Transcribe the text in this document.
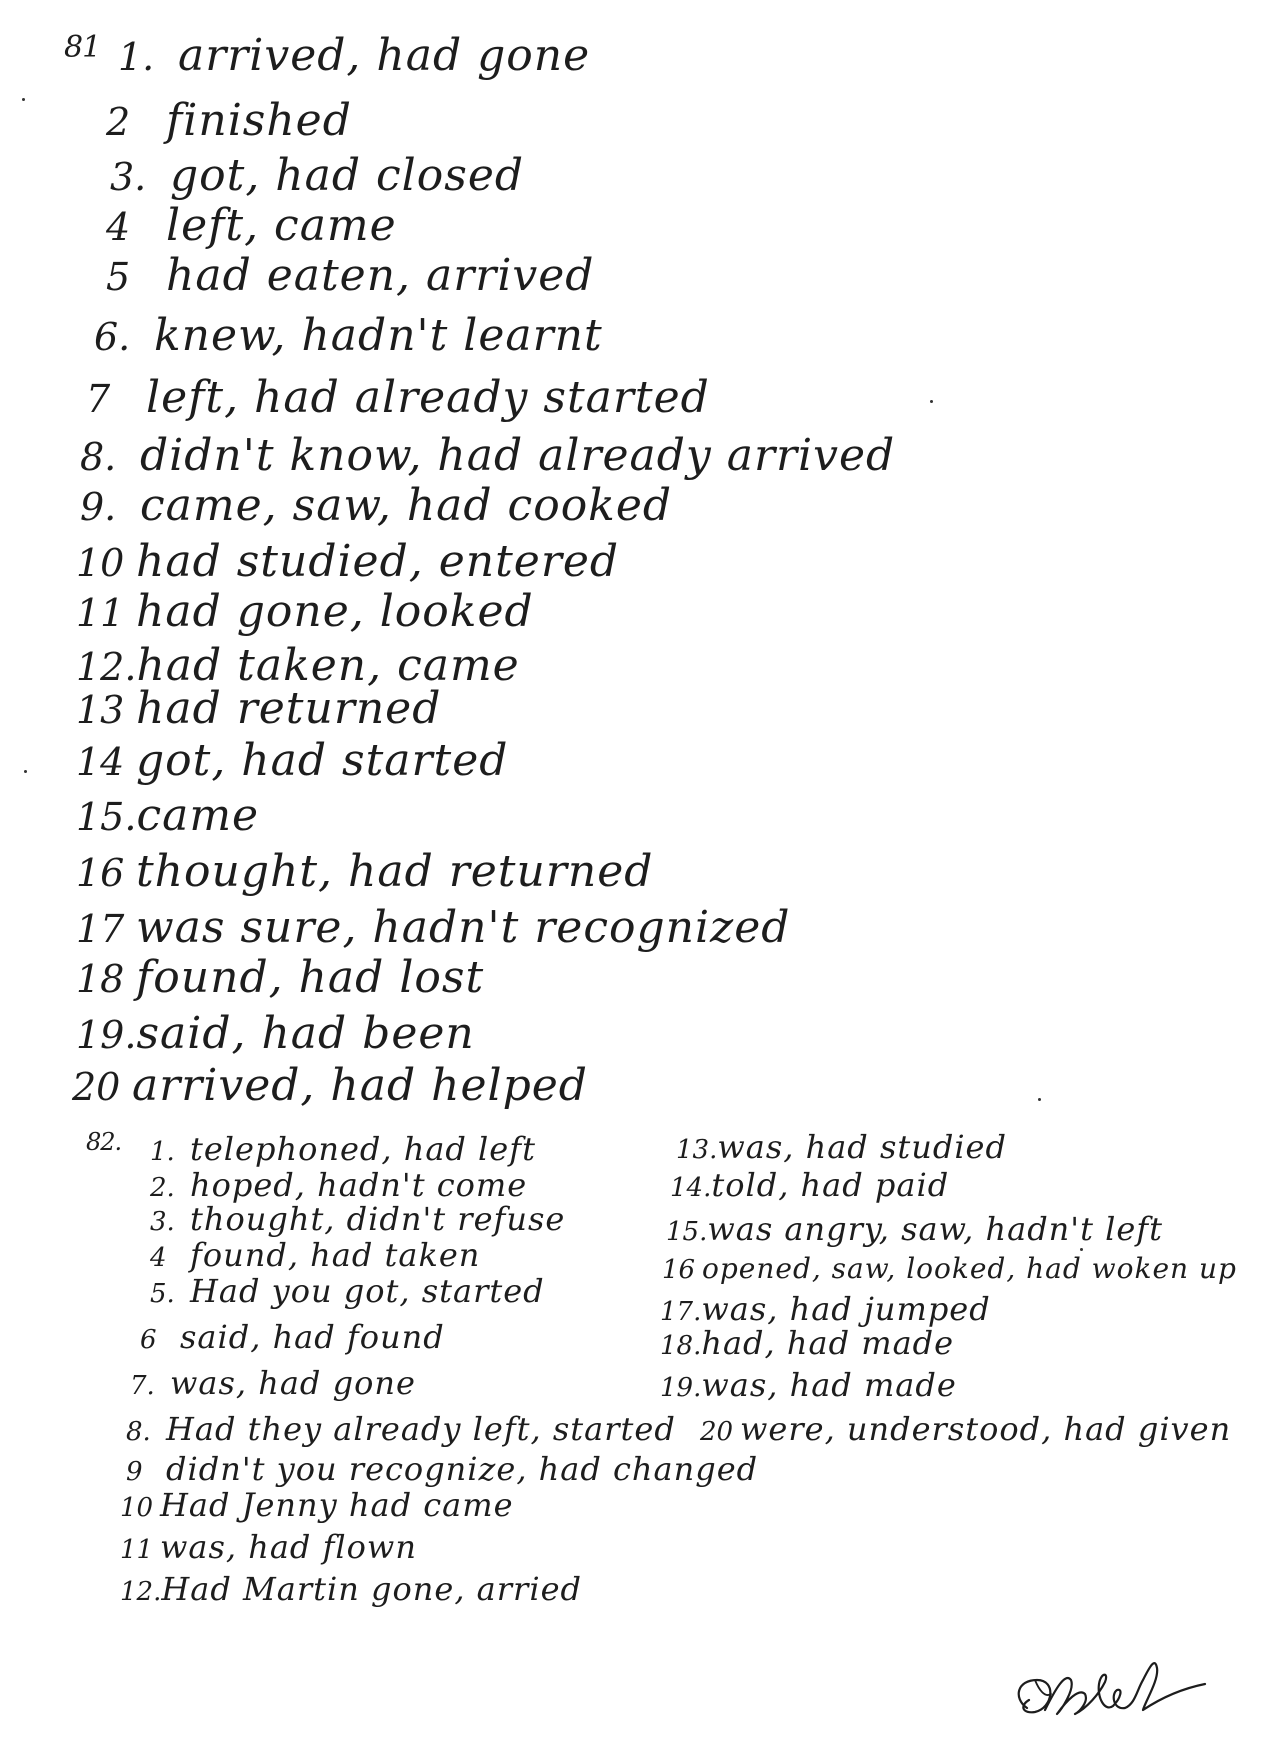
81 1. arrived, had gone
2 finished
3. got, had closed
4 left, came
5 had eaten, arrived
6. knew, hadn't learnt
7 left, had already started
8. didn't know, had already arrived
9. came, saw, had cooked
10 had studied, entered
11 had gone, looked
12. had taken, came
13 had returned
14 got, had started
15. came
16 thought, had returned
17 was sure, hadn't recognized
18 found, had lost
19. said, had been
20 arrived, had helped
82. 1. telephoned, had left
2. hoped, hadn't come
3. thought, didn't refuse
4 found, had taken
5. Had you got, started
6 said, had found
7. was, had gone
8. Had they already left, started
9 didn't you recognize, had changed
10 Had Jenny had came
11 was, had flown
12. Had Martin gone, arried
13. was, had studied
14. told, had paid
15. was angry, saw, hadn't left
16 opened, saw, looked, had woken up
17. was, had jumped
18. had, had made
19. was, had made
20 were, understood, had given
